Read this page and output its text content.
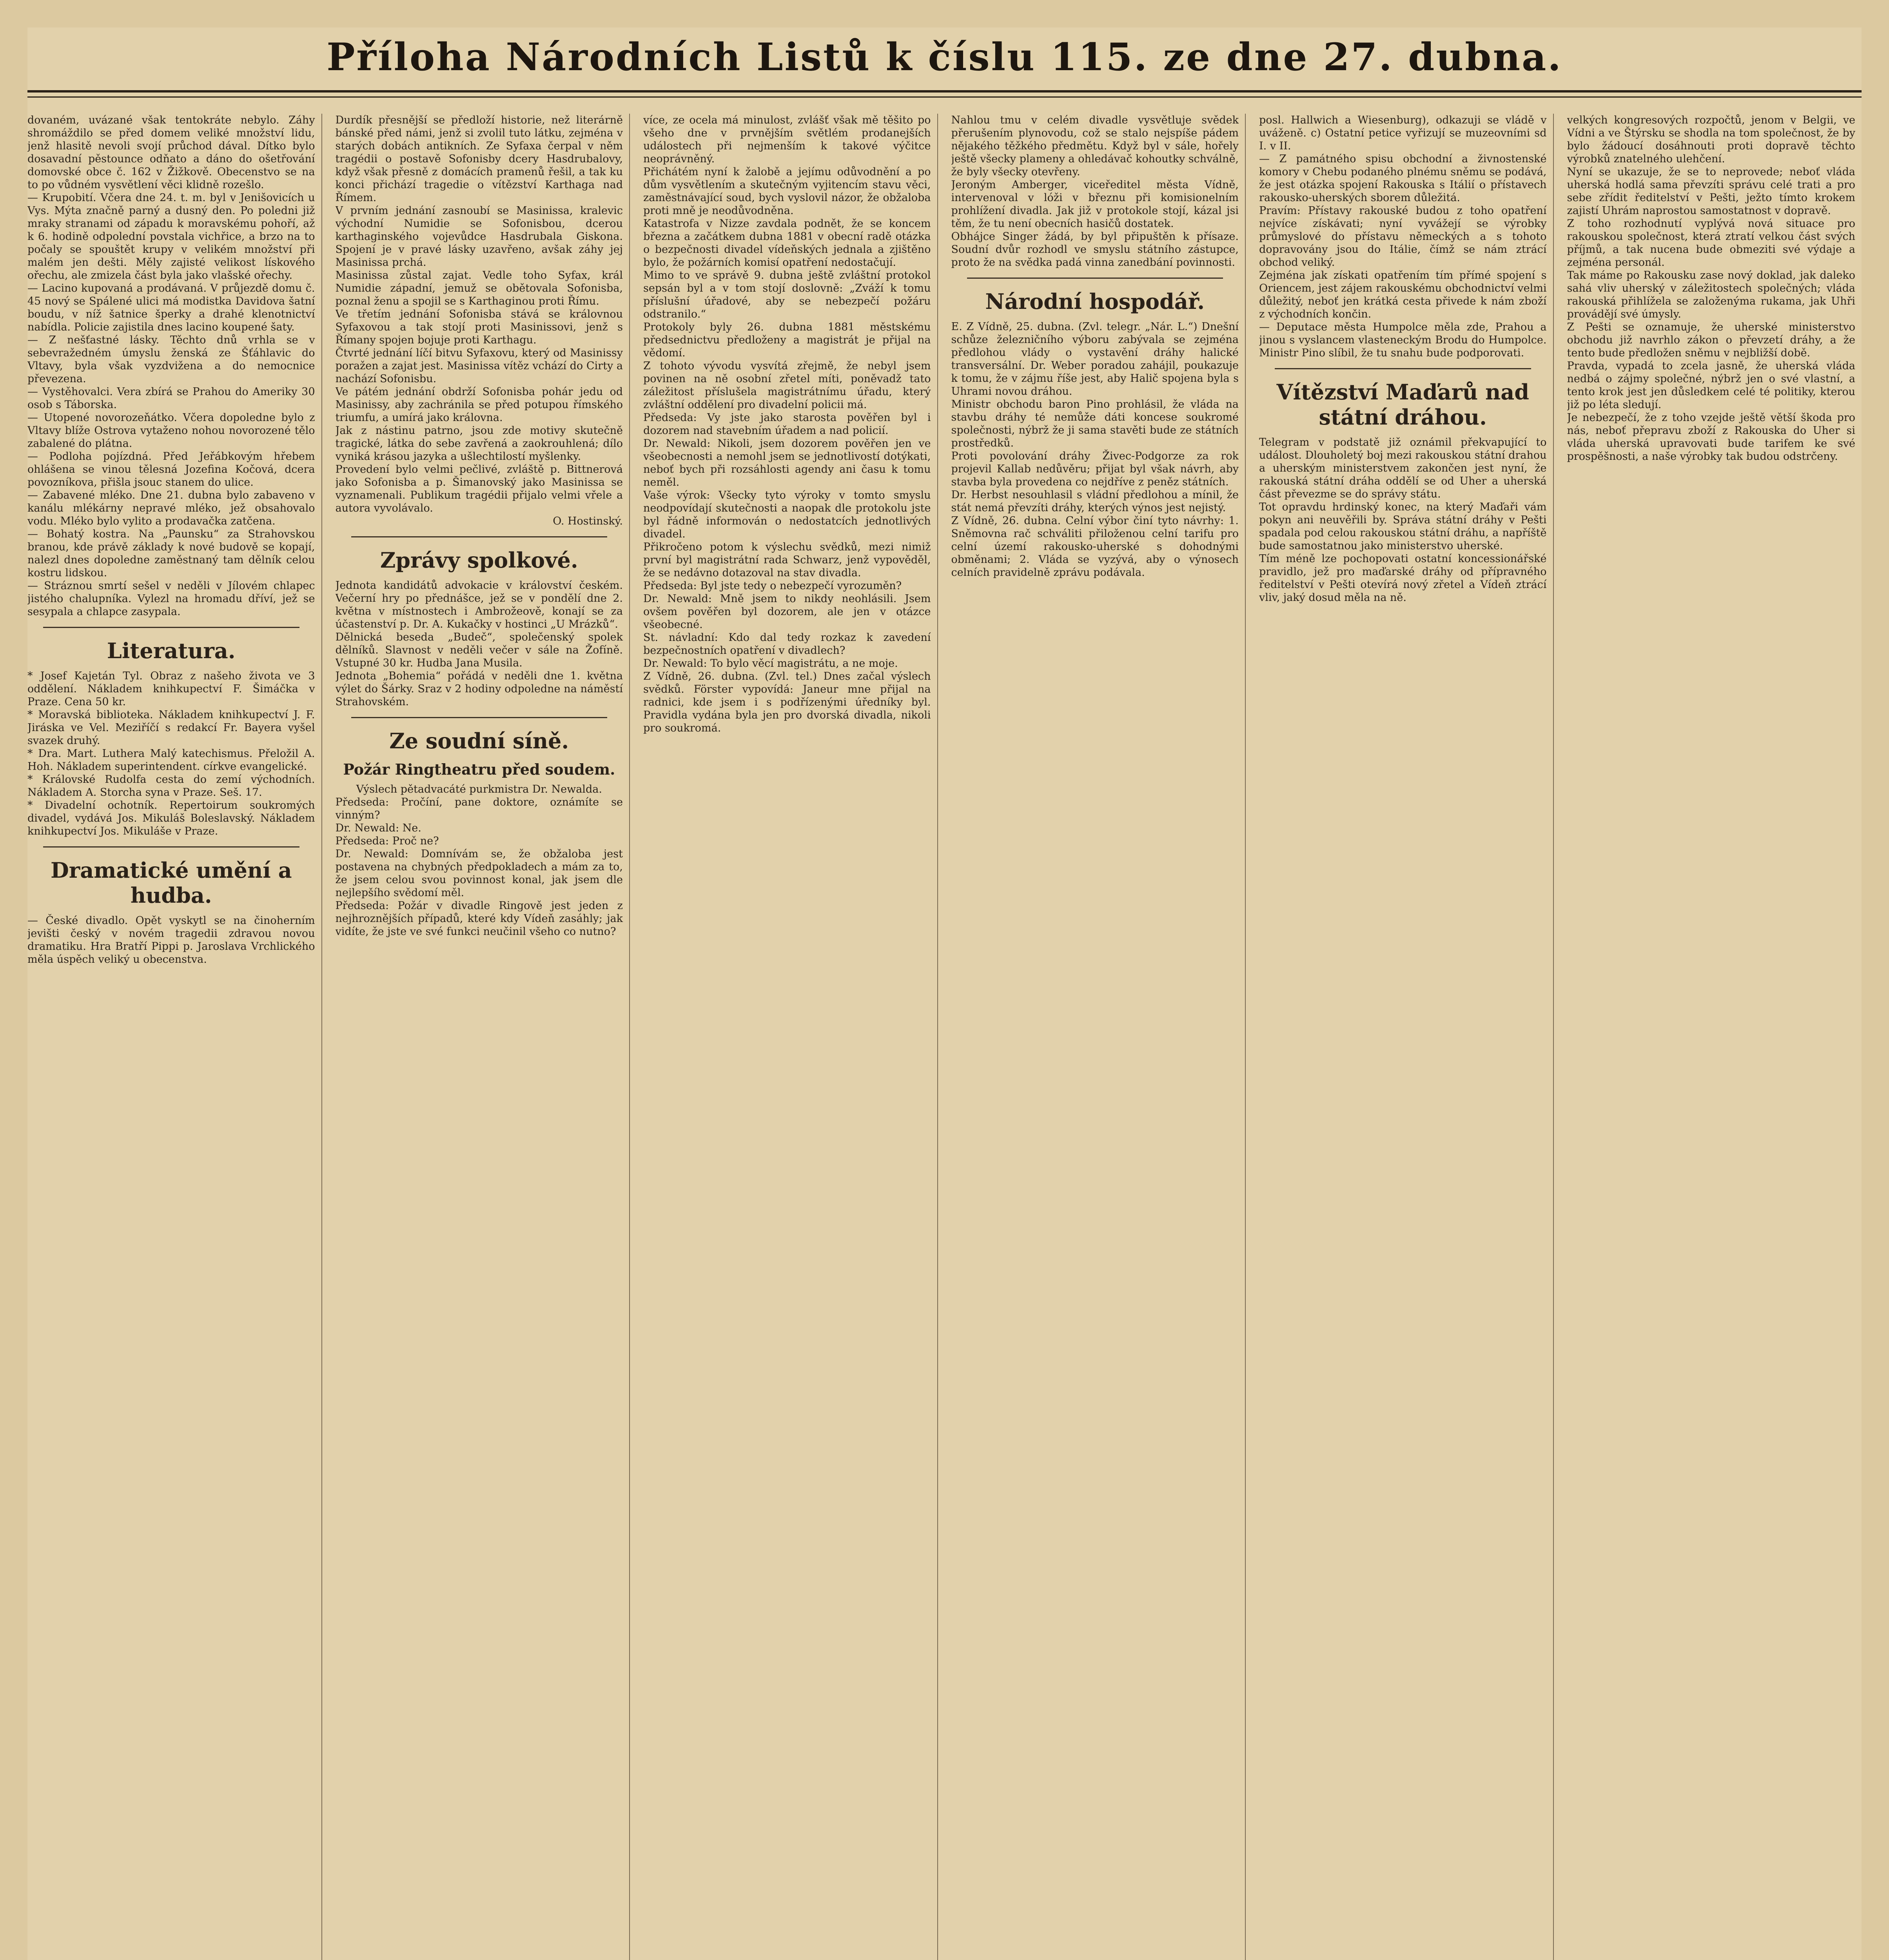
Příloha Národních Listů k číslu 115. ze dne 27. dubna.
dovaném, uvázané však tentokráte nebylo. Záhy shromáždilo se před domem veliké množství lidu, jenž hlasitě nevoli svojí průchod dával. Dítko bylo dosavadní pěstounce odňato a dáno do ošetřování domovské obce č. 162 v Žižkově. Obecenstvo se na to po vůdném vysvětlení věci klidně rozešlo.
— Krupobití. Včera dne 24. t. m. byl v Jenišovicích u Vys. Mýta značně parný a dusný den. Po poledni již mraky stranami od západu k moravskému pohoří, až k 6. hodině odpolední povstala vichřice, a brzo na to počaly se spouštět krupy v velikém množství při malém jen dešti. Měly zajisté velikost lískového ořechu, ale zmizela část byla jako vlašské ořechy.
— Lacino kupovaná a prodávaná. V průjezdě domu č. 45 nový se Spálené ulici má modistka Davidova šatní boudu, v níž šatnice šperky a drahé klenotnictví nabídla. Policie zajistila dnes lacino koupené šaty.
— Z nešťastné lásky. Těchto dnů vrhla se v sebevražedném úmyslu ženská ze Šťáhlavic do Vltavy, byla však vyzdvižena a do nemocnice převezena.
— Vystěhovalci. Vera zbírá se Prahou do Ameriky 30 osob s Táborska.
— Utopené novorozeňátko. Včera dopoledne bylo z Vltavy blíže Ostrova vytaženo nohou novorozené tělo zabalené do plátna.
— Podloha pojízdná. Před Jeřábkovým hřebem ohlášena se vinou tělesná Jozefina Kočová, dcera povozníkova, přišla jsouc stanem do ulice.
— Zabavené mléko. Dne 21. dubna bylo zabaveno v kanálu mlékárny nepravé mléko, jež obsahovalo vodu. Mléko bylo vylito a prodavačka zatčena.
— Bohatý kostra. Na „Paunsku“ za Strahovskou branou, kde právě základy k nové budově se kopají, nalezl dnes dopoledne zaměstnaný tam dělník celou kostru lidskou.
— Stráznou smrtí sešel v neděli v Jílovém chlapec jistého chalupníka. Vylezl na hromadu dříví, jež se sesypala a chlapce zasypala.
Literatura.
* Josef Kajetán Tyl. Obraz z našeho života ve 3 oddělení. Nákladem knihkupectví F. Šimáčka v Praze. Cena 50 kr.
* Moravská biblioteka. Nákladem knihkupectví J. F. Jiráska ve Vel. Meziříčí s redakcí Fr. Bayera vyšel svazek druhý.
* Dra. Mart. Luthera Malý katechismus. Přeložil A. Hoh. Nákladem superintendent. církve evangelické.
* Královské Rudolfa cesta do zemí východních. Nákladem A. Storcha syna v Praze. Seš. 17.
* Divadelní ochotník. Repertoirum soukromých divadel, vydává Jos. Mikuláš Boleslavský. Nákladem knihkupectví Jos. Mikuláše v Praze.
Dramatické umění a hudba.
— České divadlo. Opět vyskytl se na činoherním jevišti český v novém tragedii zdravou novou dramatiku. Hra Bratří Pippi p. Jaroslava Vrchlického měla úspěch veliký u obecenstva.
Durdík přesnější se předloží historie, než literárně bánské před námi, jenž si zvolil tuto látku, zejména v starých dobách antikních. Ze Syfaxa čerpal v něm tragédii o postavě Sofonisby dcery Hasdrubalovy, když však přesně z domácích pramenů řešil, a tak ku konci přichází tragedie o vítězství Karthaga nad Římem.
V prvním jednání zasnoubí se Masinissa, kralevic východní Numidie se Sofonisbou, dcerou karthaginského vojevůdce Hasdrubala Giskona. Spojení je v pravé lásky uzavřeno, avšak záhy jej Masinissa prchá.
Masinissa zůstal zajat. Vedle toho Syfax, král Numidie západní, jemuž se obětovala Sofonisba, poznal ženu a spojil se s Karthaginou proti Římu.
Ve třetím jednání Sofonisba stává se královnou Syfaxovou a tak stojí proti Masinissovi, jenž s Římany spojen bojuje proti Karthagu.
Čtvrté jednání líčí bitvu Syfaxovu, který od Masinissy poražen a zajat jest. Masinissa vítěz vchází do Cirty a nachází Sofonisbu.
Ve pátém jednání obdrží Sofonisba pohár jedu od Masinissy, aby zachránila se před potupou římského triumfu, a umírá jako královna.
Jak z nástinu patrno, jsou zde motivy skutečně tragické, látka do sebe zavřená a zaokrouhlená; dílo vyniká krásou jazyka a ušlechtilostí myšlenky.
Provedení bylo velmi pečlivé, zvláště p. Bittnerová jako Sofonisba a p. Šimanovský jako Masinissa se vyznamenali. Publikum tragédii přijalo velmi vřele a autora vyvolávalo.
O. Hostinský.
Zprávy spolkové.
Jednota kandidátů advokacie v království českém. Večerní hry po přednášce, jež se v pondělí dne 2. května v místnostech i Ambrožeově, konají se za účastenství p. Dr. A. Kukačky v hostinci „U Mrázků“.
Dělnická beseda „Budeč“, společenský spolek dělníků. Slavnost v neděli večer v sále na Žofíně. Vstupné 30 kr. Hudba Jana Musila.
Jednota „Bohemia“ pořádá v neděli dne 1. května výlet do Šárky. Sraz v 2 hodiny odpoledne na náměstí Strahovském.
Ze soudní síně.
Požár Ringtheatru před soudem.
Výslech pětadvacáté purkmistra Dr. Newalda.
Předseda: Pročíní, pane doktore, oznámíte se vinným?
Dr. Newald: Ne.
Předseda: Proč ne?
Dr. Newald: Domnívám se, že obžaloba jest postavena na chybných předpokladech a mám za to, že jsem celou svou povinnost konal, jak jsem dle nejlepšího svědomí měl.
Předseda: Požár v divadle Ringově jest jeden z nejhroznějších případů, které kdy Vídeň zasáhly; jak vidíte, že jste ve své funkci neučinil všeho co nutno?
více, ze ocela má minulost, zvlášť však mě těšito po všeho dne v prvnějším světlém prodanejších událostech při nejmenším k takové výčitce neoprávněný.
Přichátém nyní k žalobě a jejímu odůvodnění a po dům vysvětlením a skutečným vyjitencím stavu věci, zaměstnávající soud, bych vyslovil názor, že obžaloba proti mně je neodůvodněna.
Katastrofa v Nizze zavdala podnět, že se koncem března a začátkem dubna 1881 v obecní radě otázka o bezpečnosti divadel vídeňských jednala a zjištěno bylo, že požárních komisí opatření nedostačují.
Mimo to ve správě 9. dubna ještě zvláštní protokol sepsán byl a v tom stojí doslovně: „Zváží k tomu příslušní úřadové, aby se nebezpečí požáru odstranilo.“
Protokoly byly 26. dubna 1881 městskému předsednictvu předloženy a magistrát je přijal na vědomí.
Z tohoto vývodu vysvítá zřejmě, že nebyl jsem povinen na ně osobní zřetel míti, poněvadž tato záležitost příslušela magistrátnímu úřadu, který zvláštní oddělení pro divadelní policii má.
Předseda: Vy jste jako starosta pověřen byl i dozorem nad stavebním úřadem a nad policií.
Dr. Newald: Nikoli, jsem dozorem pověřen jen ve všeobecnosti a nemohl jsem se jednotlivostí dotýkati, neboť bych při rozsáhlosti agendy ani času k tomu neměl.
Vaše výrok: Všecky tyto výroky v tomto smyslu neodpovídají skutečnosti a naopak dle protokolu jste byl řádně informován o nedostatcích jednotlivých divadel.
Přikročeno potom k výslechu svědků, mezi nimiž první byl magistrátní rada Schwarz, jenž vypověděl, že se nedávno dotazoval na stav divadla.
Předseda: Byl jste tedy o nebezpečí vyrozuměn?
Dr. Newald: Mně jsem to nikdy neohlásili. Jsem ovšem pověřen byl dozorem, ale jen v otázce všeobecné.
St. návladní: Kdo dal tedy rozkaz k zavedení bezpečnostních opatření v divadlech?
Dr. Newald: To bylo věcí magistrátu, a ne moje.
Z Vídně, 26. dubna. (Zvl. tel.) Dnes začal výslech svědků. Förster vypovídá: Janeur mne přijal na radnici, kde jsem i s podřízenými úředníky byl. Pravidla vydána byla jen pro dvorská divadla, nikoli pro soukromá.
Nahlou tmu v celém divadle vysvětluje svědek přerušením plynovodu, což se stalo nejspíše pádem nějakého těžkého předmětu. Když byl v sále, hořely ještě všecky plameny a ohledávač kohoutky schválně, že byly všecky otevřeny.
Jeroným Amberger, viceředitel města Vídně, intervenoval v lóži v březnu při komisionelním prohlížení divadla. Jak již v protokole stojí, kázal jsi těm, že tu není obecních hasičů dostatek.
Obhájce Singer žádá, by byl připuštěn k přísaze. Soudní dvůr rozhodl ve smyslu státního zástupce, proto že na svědka padá vinna zanedbání povinnosti.
Národní hospodář.
E. Z Vídně, 25. dubna. (Zvl. telegr. „Nár. L.“) Dnešní schůze železničního výboru zabývala se zejména předlohou vlády o vystavění dráhy halické transversální. Dr. Weber poradou zahájil, poukazuje k tomu, že v zájmu říše jest, aby Halič spojena byla s Uhrami novou dráhou.
Ministr obchodu baron Pino prohlásil, že vláda na stavbu dráhy té nemůže dáti koncese soukromé společnosti, nýbrž že ji sama stavěti bude ze státních prostředků.
Proti povolování dráhy Živec-Podgorze za rok projevil Kallab nedůvěru; přijat byl však návrh, aby stavba byla provedena co nejdříve z peněz státních.
Dr. Herbst nesouhlasil s vládní předlohou a mínil, že stát nemá převzíti dráhy, kterých výnos jest nejistý.
Z Vídně, 26. dubna. Celní výbor činí tyto návrhy: 1. Sněmovna rač schváliti přiloženou celní tarifu pro celní území rakousko-uherské s dohodnými obměnami; 2. Vláda se vyzývá, aby o výnosech celních pravidelně zprávu podávala.
posl. Hallwich a Wiesenburg), odkazuji se vládě v uváženě. c) Ostatní petice vyřizují se muzeovními sd I. v II.
— Z památného spisu obchodní a živnostenské komory v Chebu podaného plnému sněmu se podává, že jest otázka spojení Rakouska s Itálií o přístavech rakousko-uherských sborem důležitá.
Pravím: Přístavy rakouské budou z toho opatření nejvíce získávati; nyní vyvážejí se výrobky průmyslové do přístavu německých a s tohoto dopravovány jsou do Itálie, čímž se nám ztrácí obchod veliký.
Zejména jak získati opatřením tím přímé spojení s Oriencem, jest zájem rakouskému obchodnictví velmi důležitý, neboť jen krátká cesta přivede k nám zboží z východních končin.
— Deputace města Humpolce měla zde, Prahou a jinou s vyslancem vlasteneckým Brodu do Humpolce. Ministr Pino slíbil, že tu snahu bude podporovati.
Vítězství Maďarů nad státní dráhou.
Telegram v podstatě již oznámil překvapující to událost. Dlouholetý boj mezi rakouskou státní drahou a uherským ministerstvem zakončen jest nyní, že rakouská státní dráha oddělí se od Uher a uherská část převezme se do správy státu.
Tot opravdu hrdinský konec, na který Maďaři vám pokyn ani neuvěřili by. Správa státní dráhy v Pešti spadala pod celou rakouskou státní dráhu, a napříště bude samostatnou jako ministerstvo uherské.
Tím méně lze pochopovati ostatní koncessionářské pravidlo, jež pro maďarské dráhy od přípravného ředitelství v Pešti otevírá nový zřetel a Vídeň ztrácí vliv, jaký dosud měla na ně.
velkých kongresových rozpočtů, jenom v Belgii, ve Vídni a ve Štýrsku se shodla na tom společnost, že by bylo žádoucí dosáhnouti proti dopravě těchto výrobků znatelného ulehčení.
Nyní se ukazuje, že se to neprovede; neboť vláda uherská hodlá sama převzíti správu celé trati a pro sebe zřídit ředitelství v Pešti, ježto tímto krokem zajistí Uhrám naprostou samostatnost v dopravě.
Z toho rozhodnutí vyplývá nová situace pro rakouskou společnost, která ztratí velkou část svých příjmů, a tak nucena bude obmeziti své výdaje a zejména personál.
Tak máme po Rakousku zase nový doklad, jak daleko sahá vliv uherský v záležitostech společných; vláda rakouská přihlížela se založenýma rukama, jak Uhři provádějí své úmysly.
Z Pešti se oznamuje, že uherské ministerstvo obchodu již navrhlo zákon o převzetí dráhy, a že tento bude předložen sněmu v nejbližší době.
Pravda, vypadá to zcela jasně, že uherská vláda nedbá o zájmy společné, nýbrž jen o své vlastní, a tento krok jest jen důsledkem celé té politiky, kterou již po léta sledují.
Je nebezpečí, že z toho vzejde ještě větší škoda pro nás, neboť přepravu zboží z Rakouska do Uher si vláda uherská upravovati bude tarifem ke své prospěšnosti, a naše výrobky tak budou odstrčeny.
